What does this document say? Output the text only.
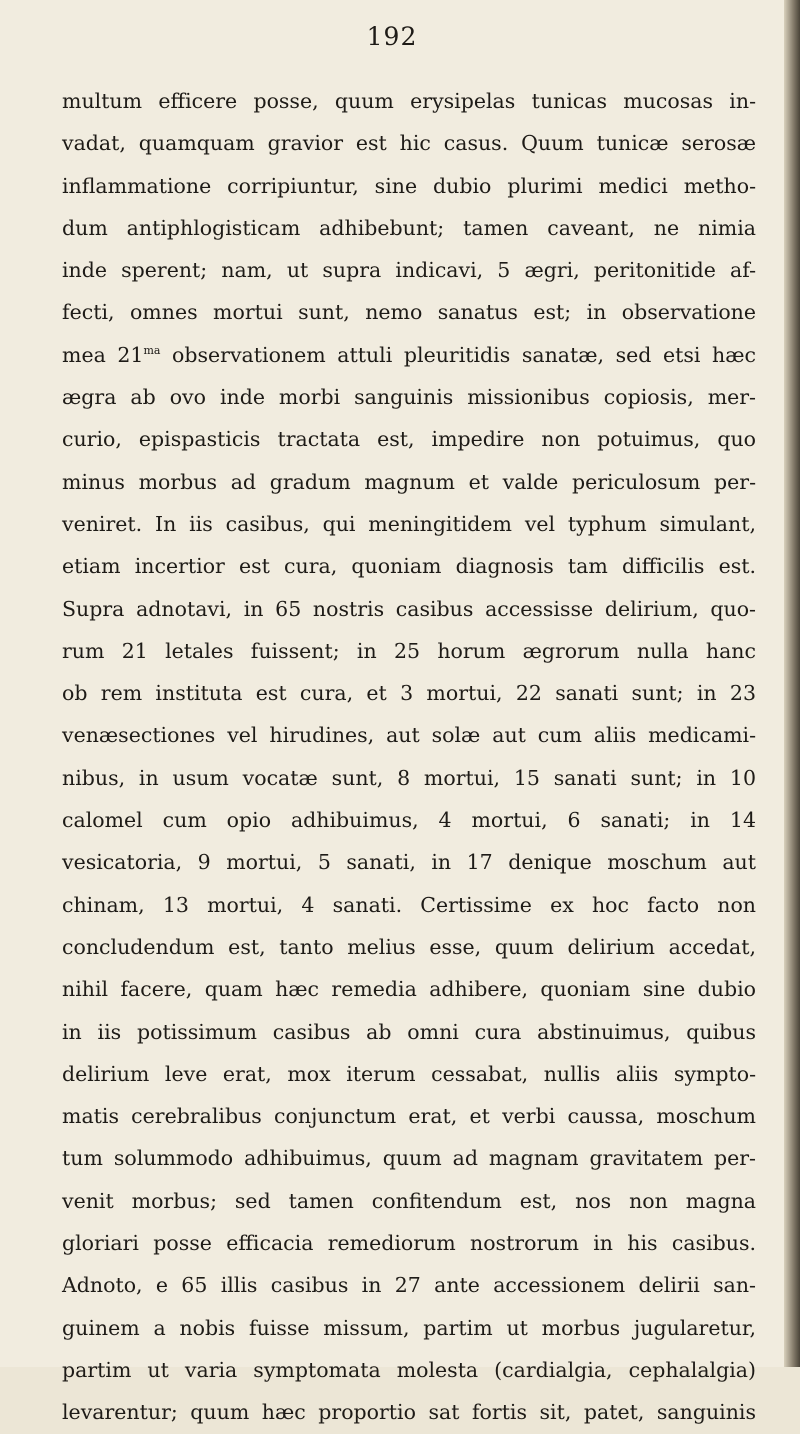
192
multum efficere posse, quum erysipelas tunicas mucosas in-
vadat, quamquam gravior est hic casus. Quum tunicæ serosæ
inflammatione corripiuntur, sine dubio plurimi medici metho-
dum antiphlogisticam adhibebunt; tamen caveant, ne nimia
inde sperent; nam, ut supra indicavi, 5 ægri, peritonitide af-
fecti, omnes mortui sunt, nemo sanatus est; in observatione
mea $21^{ma}$ observationem attuli pleuritidis sanatæ, sed etsi hæc
ægra ab ovo inde morbi sanguinis missionibus copiosis, mer-
curio, epispasticis tractata est, impedire non potuimus, quo
minus morbus ad gradum magnum et valde periculosum per-
veniret. In iis casibus, qui meningitidem vel typhum simulant,
etiam incertior est cura, quoniam diagnosis tam difficilis est.
Supra adnotavi, in 65 nostris casibus accessisse delirium, quo-
rum 21 letales fuissent; in 25 horum ægrorum nulla hanc
ob rem instituta est cura, et 3 mortui, 22 sanati sunt; in 23
venæsectiones vel hirudines, aut solæ aut cum aliis medicami-
nibus, in usum vocatæ sunt, 8 mortui, 15 sanati sunt; in 10
calomel cum opio adhibuimus, 4 mortui, 6 sanati; in 14
vesicatoria, 9 mortui, 5 sanati, in 17 denique moschum aut
chinam, 13 mortui, 4 sanati. Certissime ex hoc facto non
concludendum est, tanto melius esse, quum delirium accedat,
nihil facere, quam hæc remedia adhibere, quoniam sine dubio
in iis potissimum casibus ab omni cura abstinuimus, quibus
delirium leve erat, mox iterum cessabat, nullis aliis sympto-
matis cerebralibus conjunctum erat, et verbi caussa, moschum
tum solummodo adhibuimus, quum ad magnam gravitatem per-
venit morbus; sed tamen confitendum est, nos non magna
gloriari posse efficacia remediorum nostrorum in his casibus.
Adnoto, e 65 illis casibus in 27 ante accessionem delirii san-
guinem a nobis fuisse missum, partim ut morbus jugularetur,
partim ut varia symptomata molesta (cardialgia, cephalalgia)
levarentur; quum hæc proportio sat fortis sit, patet, sanguinis
